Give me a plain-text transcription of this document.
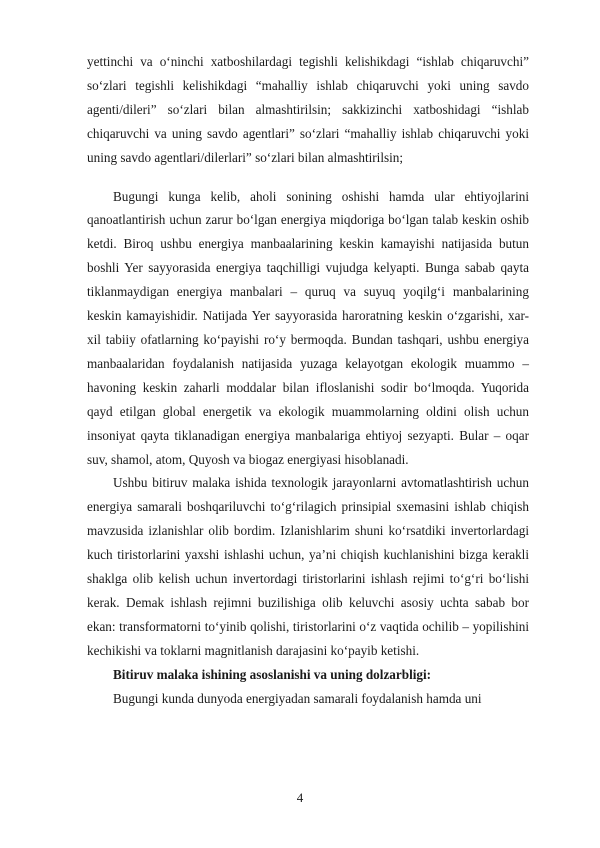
yettinchi va o‘ninchi xatboshilardagi tegishli kelishikdagi “ishlab chiqaruvchi” so‘zlari tegishli kelishikdagi “mahalliy ishlab chiqaruvchi yoki uning savdo agenti/dileri” so‘zlari bilan almashtirilsin; sakkizinchi xatboshidagi “ishlab chiqaruvchi va uning savdo agentlari” so‘zlari “mahalliy ishlab chiqaruvchi yoki uning savdo agentlari/dilerlari” so‘zlari bilan almashtirilsin;

Bugungi kunga kelib, aholi sonining oshishi hamda ular ehtiyojlarini qanoatlantirish uchun zarur bo‘lgan energiya miqdoriga bo‘lgan talab keskin oshib ketdi. Biroq ushbu energiya manbaalarining keskin kamayishi natijasida butun boshli Yer sayyorasida energiya taqchilligi vujudga kelyapti. Bunga sabab qayta tiklanmaydigan energiya manbalari – quruq va suyuq yoqilg‘i manbalarining keskin kamayishidir. Natijada Yer sayyorasida haroratning keskin o‘zgarishi, xar- xil tabiiy ofatlarning ko‘payishi ro‘y bermoqda. Bundan tashqari, ushbu energiya manbaalaridan foydalanish natijasida yuzaga kelayotgan ekologik muammo – havoning keskin zaharli moddalar bilan ifloslanishi sodir bo‘lmoqda. Yuqorida qayd etilgan global energetik va ekologik muammolarning oldini olish uchun insoniyat qayta tiklanadigan energiya manbalariga ehtiyoj sezyapti. Bular – oqar suv, shamol, atom, Quyosh va biogaz energiyasi hisoblanadi.

Ushbu bitiruv malaka ishida texnologik jarayonlarni avtomatlashtirish uchun energiya samarali boshqariluvchi to‘g‘rilagich prinsipial sxemasini ishlab chiqish mavzusida izlanishlar olib bordim. Izlanishlarim shuni ko‘rsatdiki invertorlardagi kuch tiristorlarini yaxshi ishlashi uchun, ya’ni chiqish kuchlanishini bizga kerakli shaklga olib kelish uchun invertordagi tiristorlarini ishlash rejimi to‘g‘ri bo‘lishi kerak. Demak ishlash rejimni buzilishiga olib keluvchi asosiy uchta sabab bor ekan: transformatorni to‘yinib qolishi, tiristorlarini o‘z vaqtida ochilib – yopilishini kechikishi va toklarni magnitlanish darajasini ko‘payib ketishi.

Bitiruv malaka ishining asoslanishi va uning dolzarbligi:

Bugungi kunda dunyoda energiyadan samarali foydalanish hamda uni

4
